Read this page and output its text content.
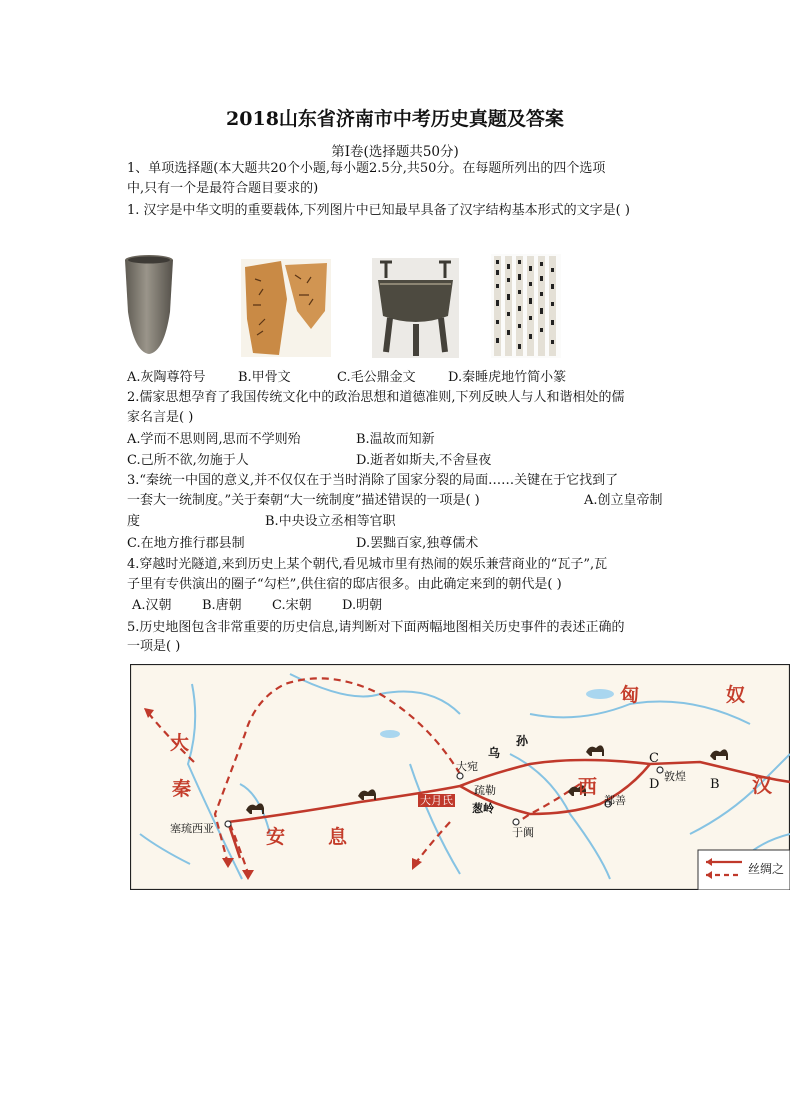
2018山东省济南市中考历史真题及答案
第Ⅰ卷(选择题共50分)
1、单项选择题(本大题共20个小题,每小题2.5分,共50分。在每题所列出的四个选项
中,只有一个是最符合题目要求的)
1. 汉字是中华文明的重要载体,下列图片中已知最早具备了汉字结构基本形式的文字是( )
A.灰陶尊符号 B.甲骨文	C.毛公鼎金文 D.秦睡虎地竹简小篆
2.儒家思想孕育了我国传统文化中的政治思想和道德准则,下列反映人与人和谐相处的儒
家名言是( )
A.学而不思则罔,思而不学则殆	B.温故而知新
C.己所不欲,勿施于人	D.逝者如斯夫,不舍昼夜
3.“秦统一中国的意义,并不仅仅在于当时消除了国家分裂的局面……关键在于它找到了
一套大一统制度。”关于秦朝“大一统制度”描述错误的一项是( )	A.创立皇帝制
度	B.中央设立丞相等官职
C.在地方推行郡县制	D.罢黜百家,独尊儒术
4.穿越时光隧道,来到历史上某个朝代,看见城市里有热闹的娱乐兼营商业的“瓦子”,瓦
子里有专供演出的圈子“勾栏”,供住宿的邸店很多。由此确定来到的朝代是( )
A.汉朝 B.唐朝 C.宋朝 D.明朝
5.历史地图包含非常重要的历史信息,请判断对下面两幅地图相关历史事件的表述正确的
一项是( )
匈	奴
大
秦
安 息
汉
西
乌
孙
大宛
大月氏
疏勒
葱岭
于阗
鄯善
敦煌
塞琉西亚
C
D	B
丝绸之
